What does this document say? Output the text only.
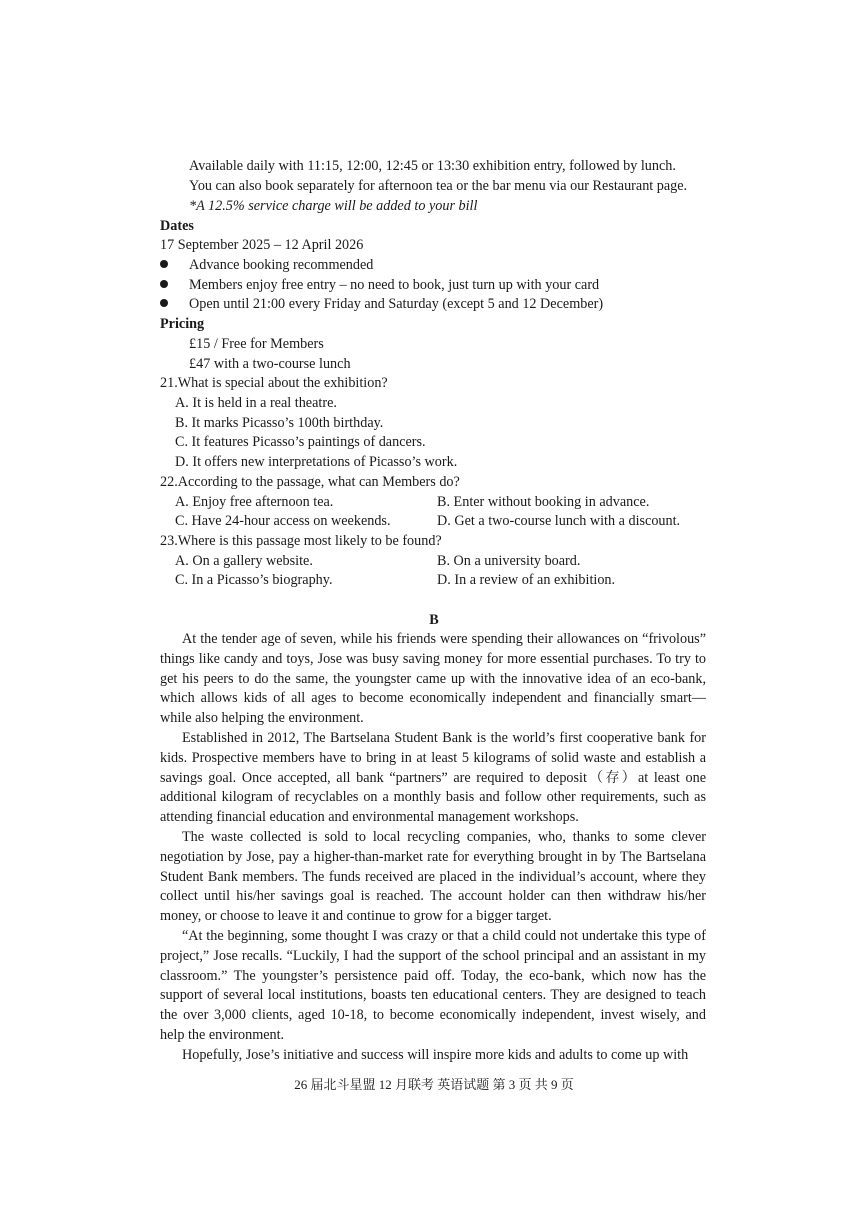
Available daily with 11:15, 12:00, 12:45 or 13:30 exhibition entry, followed by lunch.
You can also book separately for afternoon tea or the bar menu via our Restaurant page.
*A 12.5% service charge will be added to your bill
Dates
17 September 2025 – 12 April 2026
Advance booking recommended
Members enjoy free entry – no need to book, just turn up with your card
Open until 21:00 every Friday and Saturday (except 5 and 12 December)
Pricing
£15 / Free for Members
£47 with a two-course lunch
21.What is special about the exhibition?
A. It is held in a real theatre.
B. It marks Picasso’s 100th birthday.
C. It features Picasso’s paintings of dancers.
D. It offers new interpretations of Picasso’s work.
22.According to the passage, what can Members do?
A. Enjoy free afternoon tea.	B. Enter without booking in advance.
C. Have 24-hour access on weekends.	D. Get a two-course lunch with a discount.
23.Where is this passage most likely to be found?
A. On a gallery website.	B. On a university board.
C. In a Picasso’s biography.	D. In a review of an exhibition.
B

At the tender age of seven, while his friends were spending their allowances on “frivolous” things like candy and toys, Jose was busy saving money for more essential purchases. To try to get his peers to do the same, the youngster came up with the innovative idea of an eco-bank, which allows kids of all ages to become economically independent and financially smart—while also helping the environment.

Established in 2012, The Bartselana Student Bank is the world’s first cooperative bank for kids. Prospective members have to bring in at least 5 kilograms of solid waste and establish a savings goal. Once accepted, all bank “partners” are required to deposit（存）at least one additional kilogram of recyclables on a monthly basis and follow other requirements, such as attending financial education and environmental management workshops.

The waste collected is sold to local recycling companies, who, thanks to some clever negotiation by Jose, pay a higher-than-market rate for everything brought in by The Bartselana Student Bank members. The funds received are placed in the individual’s account, where they collect until his/her savings goal is reached. The account holder can then withdraw his/her money, or choose to leave it and continue to grow for a bigger target.

“At the beginning, some thought I was crazy or that a child could not undertake this type of project,” Jose recalls. “Luckily, I had the support of the school principal and an assistant in my classroom.” The youngster’s persistence paid off. Today, the eco-bank, which now has the support of several local institutions, boasts ten educational centers. They are designed to teach the over 3,000 clients, aged 10-18, to become economically independent, invest wisely, and help the environment.

Hopefully, Jose’s initiative and success will inspire more kids and adults to come up with

26 届北斗星盟 12 月联考 英语试题 第 3 页 共 9 页
